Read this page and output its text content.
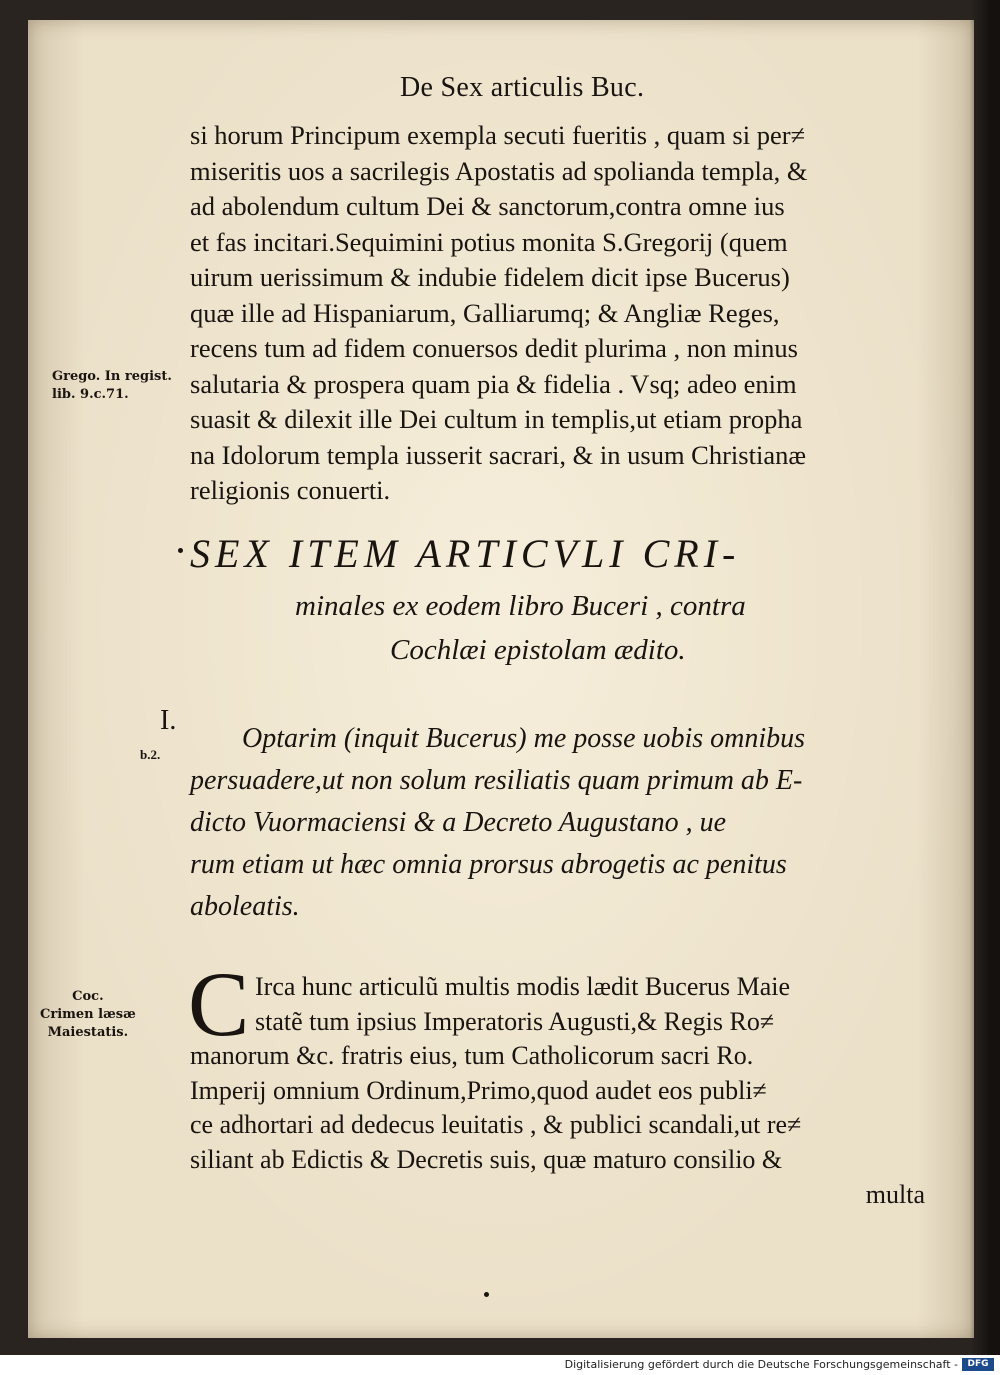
De Sex articulis Buc.
si horum Principum exempla secuti fueritis , quam si per≠
miseritis uos a sacrilegis Apostatis ad spolianda templa, &
ad abolendum cultum Dei & sanctorum,contra omne ius
et fas incitari.Sequimini potius monita S.Gregorij (quem
uirum uerissimum & indubie fidelem dicit ipse Bucerus)
quæ ille ad Hispaniarum, Galliarumq; & Angliæ Reges,
recens tum ad fidem conuersos dedit plurima , non minus
salutaria & prospera quam pia & fidelia . Vsq; adeo enim
suasit & dilexit ille Dei cultum in templis,ut etiam propha
na Idolorum templa iusserit sacrari, & in usum Christianæ
religionis conuerti.
Grego. In regist.
lib. 9.c.71.
SEX ITEM ARTICVLI CRI-
minales ex eodem libro Buceri , contra
Cochlæi epistolam ædito.
I.
b.2.
Optarim (inquit Bucerus) me posse uobis omnibus
persuadere,ut non solum resiliatis quam primum ab E-
dicto Vuormaciensi & a Decreto Augustano , ue
rum etiam ut hæc omnia prorsus abrogetis ac penitus
aboleatis.
Coc.
Crimen læsæ
Maiestatis. C Irca hunc articulũ multis modis lædit Bucerus Maie
statẽ tum ipsius Imperatoris Augusti,& Regis Ro≠
manorum &c. fratris eius, tum Catholicorum sacri Ro.
Imperij omnium Ordinum,Primo,quod audet eos publi≠
ce adhortari ad dedecus leuitatis , & publici scandali,ut re≠
siliant ab Edictis & Decretis suis, quæ maturo consilio &
multa
Digitalisierung gefördert durch die Deutsche Forschungsgemeinschaft -	DFG
